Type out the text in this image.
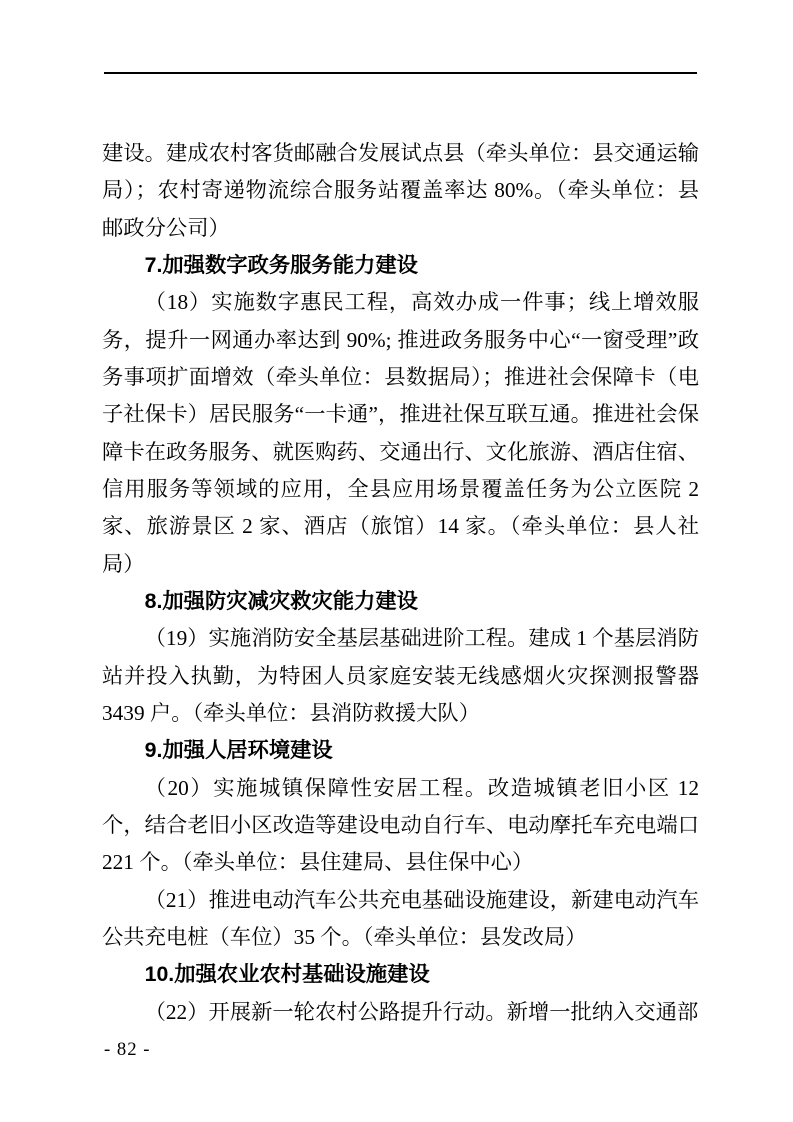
建设。建成农村客货邮融合发展试点县（牵头单位：县交通运输局）；农村寄递物流综合服务站覆盖率达 80%。（牵头单位：县邮政分公司）

7.加强数字政务服务能力建设

（18）实施数字惠民工程，高效办成一件事；线上增效服务，提升一网通办率达到 90%; 推进政务服务中心“一窗受理”政务事项扩面增效（牵头单位：县数据局）；推进社会保障卡（电子社保卡）居民服务“一卡通”，推进社保互联互通。推进社会保障卡在政务服务、就医购药、交通出行、文化旅游、酒店住宿、信用服务等领域的应用，全县应用场景覆盖任务为公立医院 2 家、旅游景区 2 家、酒店（旅馆）14 家。（牵头单位：县人社局）

8.加强防灾减灾救灾能力建设

（19）实施消防安全基层基础进阶工程。建成 1 个基层消防站并投入执勤，为特困人员家庭安装无线感烟火灾探测报警器 3439 户。（牵头单位：县消防救援大队）

9.加强人居环境建设

（20）实施城镇保障性安居工程。改造城镇老旧小区 12 个，结合老旧小区改造等建设电动自行车、电动摩托车充电端口 221 个。（牵头单位：县住建局、县住保中心）

（21）推进电动汽车公共充电基础设施建设，新建电动汽车公共充电桩（车位）35 个。（牵头单位：县发改局）

10.加强农业农村基础设施建设

（22）开展新一轮农村公路提升行动。新增一批纳入交通部

- 82 -
